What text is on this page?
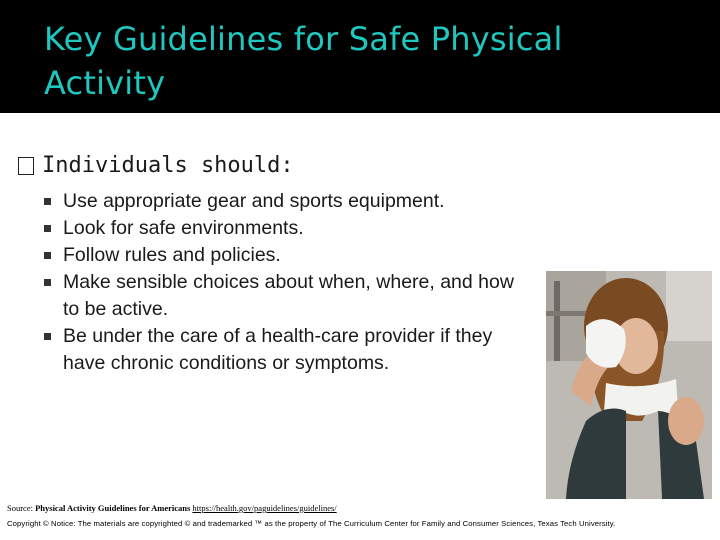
Key Guidelines for Safe Physical
Activity

Individuals should:

Use appropriate gear and sports equipment.
Look for safe environments.
Follow rules and policies.
Make sensible choices about when, where, and how to be active.
Be under the care of a health-care provider if they have chronic conditions or symptoms.
Source: Physical Activity Guidelines for Americans https://health.gov/paguidelines/guidelines/
Copyright © Notice: The materials are copyrighted © and trademarked ™ as the property of The Curriculum Center for Family and Consumer Sciences, Texas Tech University.
